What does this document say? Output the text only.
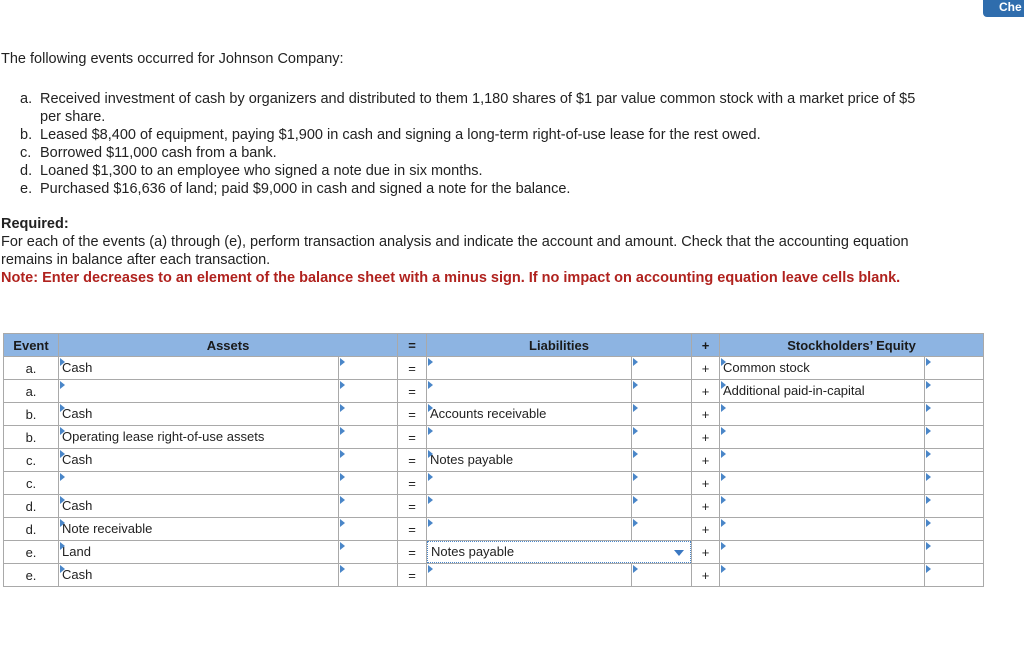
Che
The following events occurred for Johnson Company:
a. Received investment of cash by organizers and distributed to them 1,180 shares of $1 par value common stock with a market price of $5 per share.
b. Leased $8,400 of equipment, paying $1,900 in cash and signing a long-term right-of-use lease for the rest owed.
c. Borrowed $11,000 cash from a bank.
d. Loaned $1,300 to an employee who signed a note due in six months.
e. Purchased $16,636 of land; paid $9,000 in cash and signed a note for the balance.
Required:
For each of the events (a) through (e), perform transaction analysis and indicate the account and amount. Check that the accounting equation remains in balance after each transaction.
Note: Enter decreases to an element of the balance sheet with a minus sign. If no impact on accounting equation leave cells blank.
Event	Assets		=	Liabilities		+	Stockholders’ Equity	
a.	Cash		=			+	Common stock	

a.			=			+	Additional paid-in-capital	

b.	Cash		=	Accounts receivable		+	

b.	Operating lease right-of-use assets		=			+	

c.	Cash		=	Notes payable		+	

c.			=			+	

d.	Cash		=			+	

d.	Note receivable		=			+	

e.	Land		=	Notes payable		+	

e.	Cash		=			+	
